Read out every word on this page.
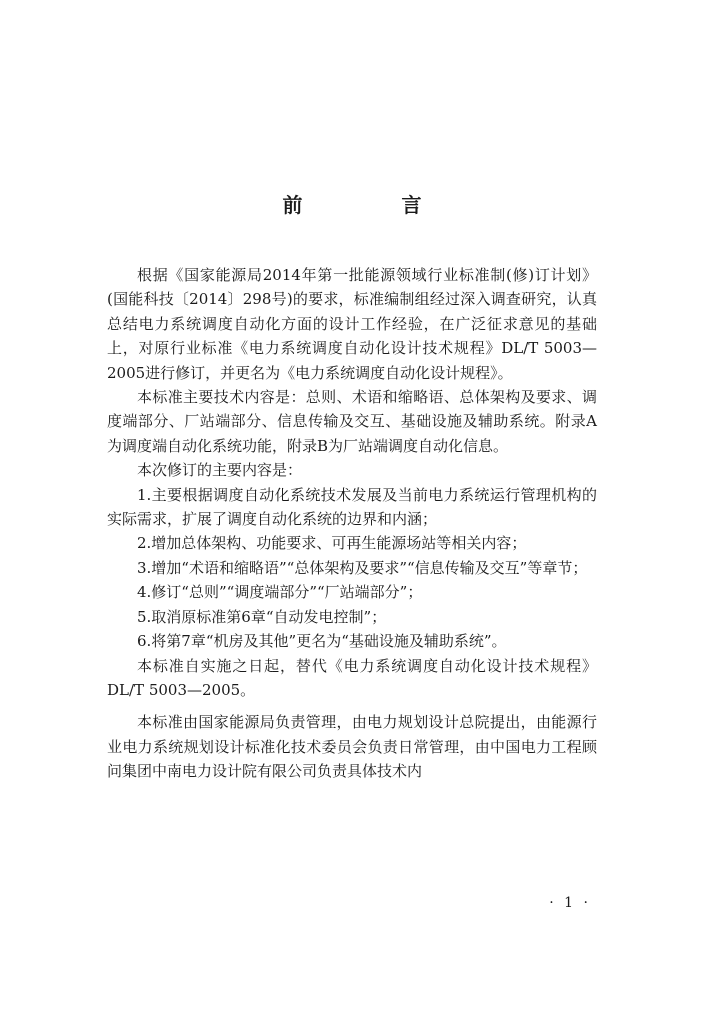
前 言

根据《国家能源局2014年第一批能源领域行业标准制(修)订计划》(国能科技〔2014〕298号)的要求，标准编制组经过深入调查研究，认真总结电力系统调度自动化方面的设计工作经验，在广泛征求意见的基础上，对原行业标准《电力系统调度自动化设计技术规程》DL/T 5003—2005进行修订，并更名为《电力系统调度自动化设计规程》。

本标准主要技术内容是：总则、术语和缩略语、总体架构及要求、调度端部分、厂站端部分、信息传输及交互、基础设施及辅助系统。附录A为调度端自动化系统功能，附录B为厂站端调度自动化信息。

本次修订的主要内容是：

1.主要根据调度自动化系统技术发展及当前电力系统运行管理机构的实际需求，扩展了调度自动化系统的边界和内涵；

2.增加总体架构、功能要求、可再生能源场站等相关内容；

3.增加“术语和缩略语”“总体架构及要求”“信息传输及交互”等章节；

4.修订“总则”“调度端部分”“厂站端部分”；

5.取消原标准第6章“自动发电控制”；

6.将第7章“机房及其他”更名为“基础设施及辅助系统”。

本标准自实施之日起，替代《电力系统调度自动化设计技术规程》DL/T 5003—2005。

本标准由国家能源局负责管理，由电力规划设计总院提出，由能源行业电力系统规划设计标准化技术委员会负责日常管理，由中国电力工程顾问集团中南电力设计院有限公司负责具体技术内

· 1 ·
